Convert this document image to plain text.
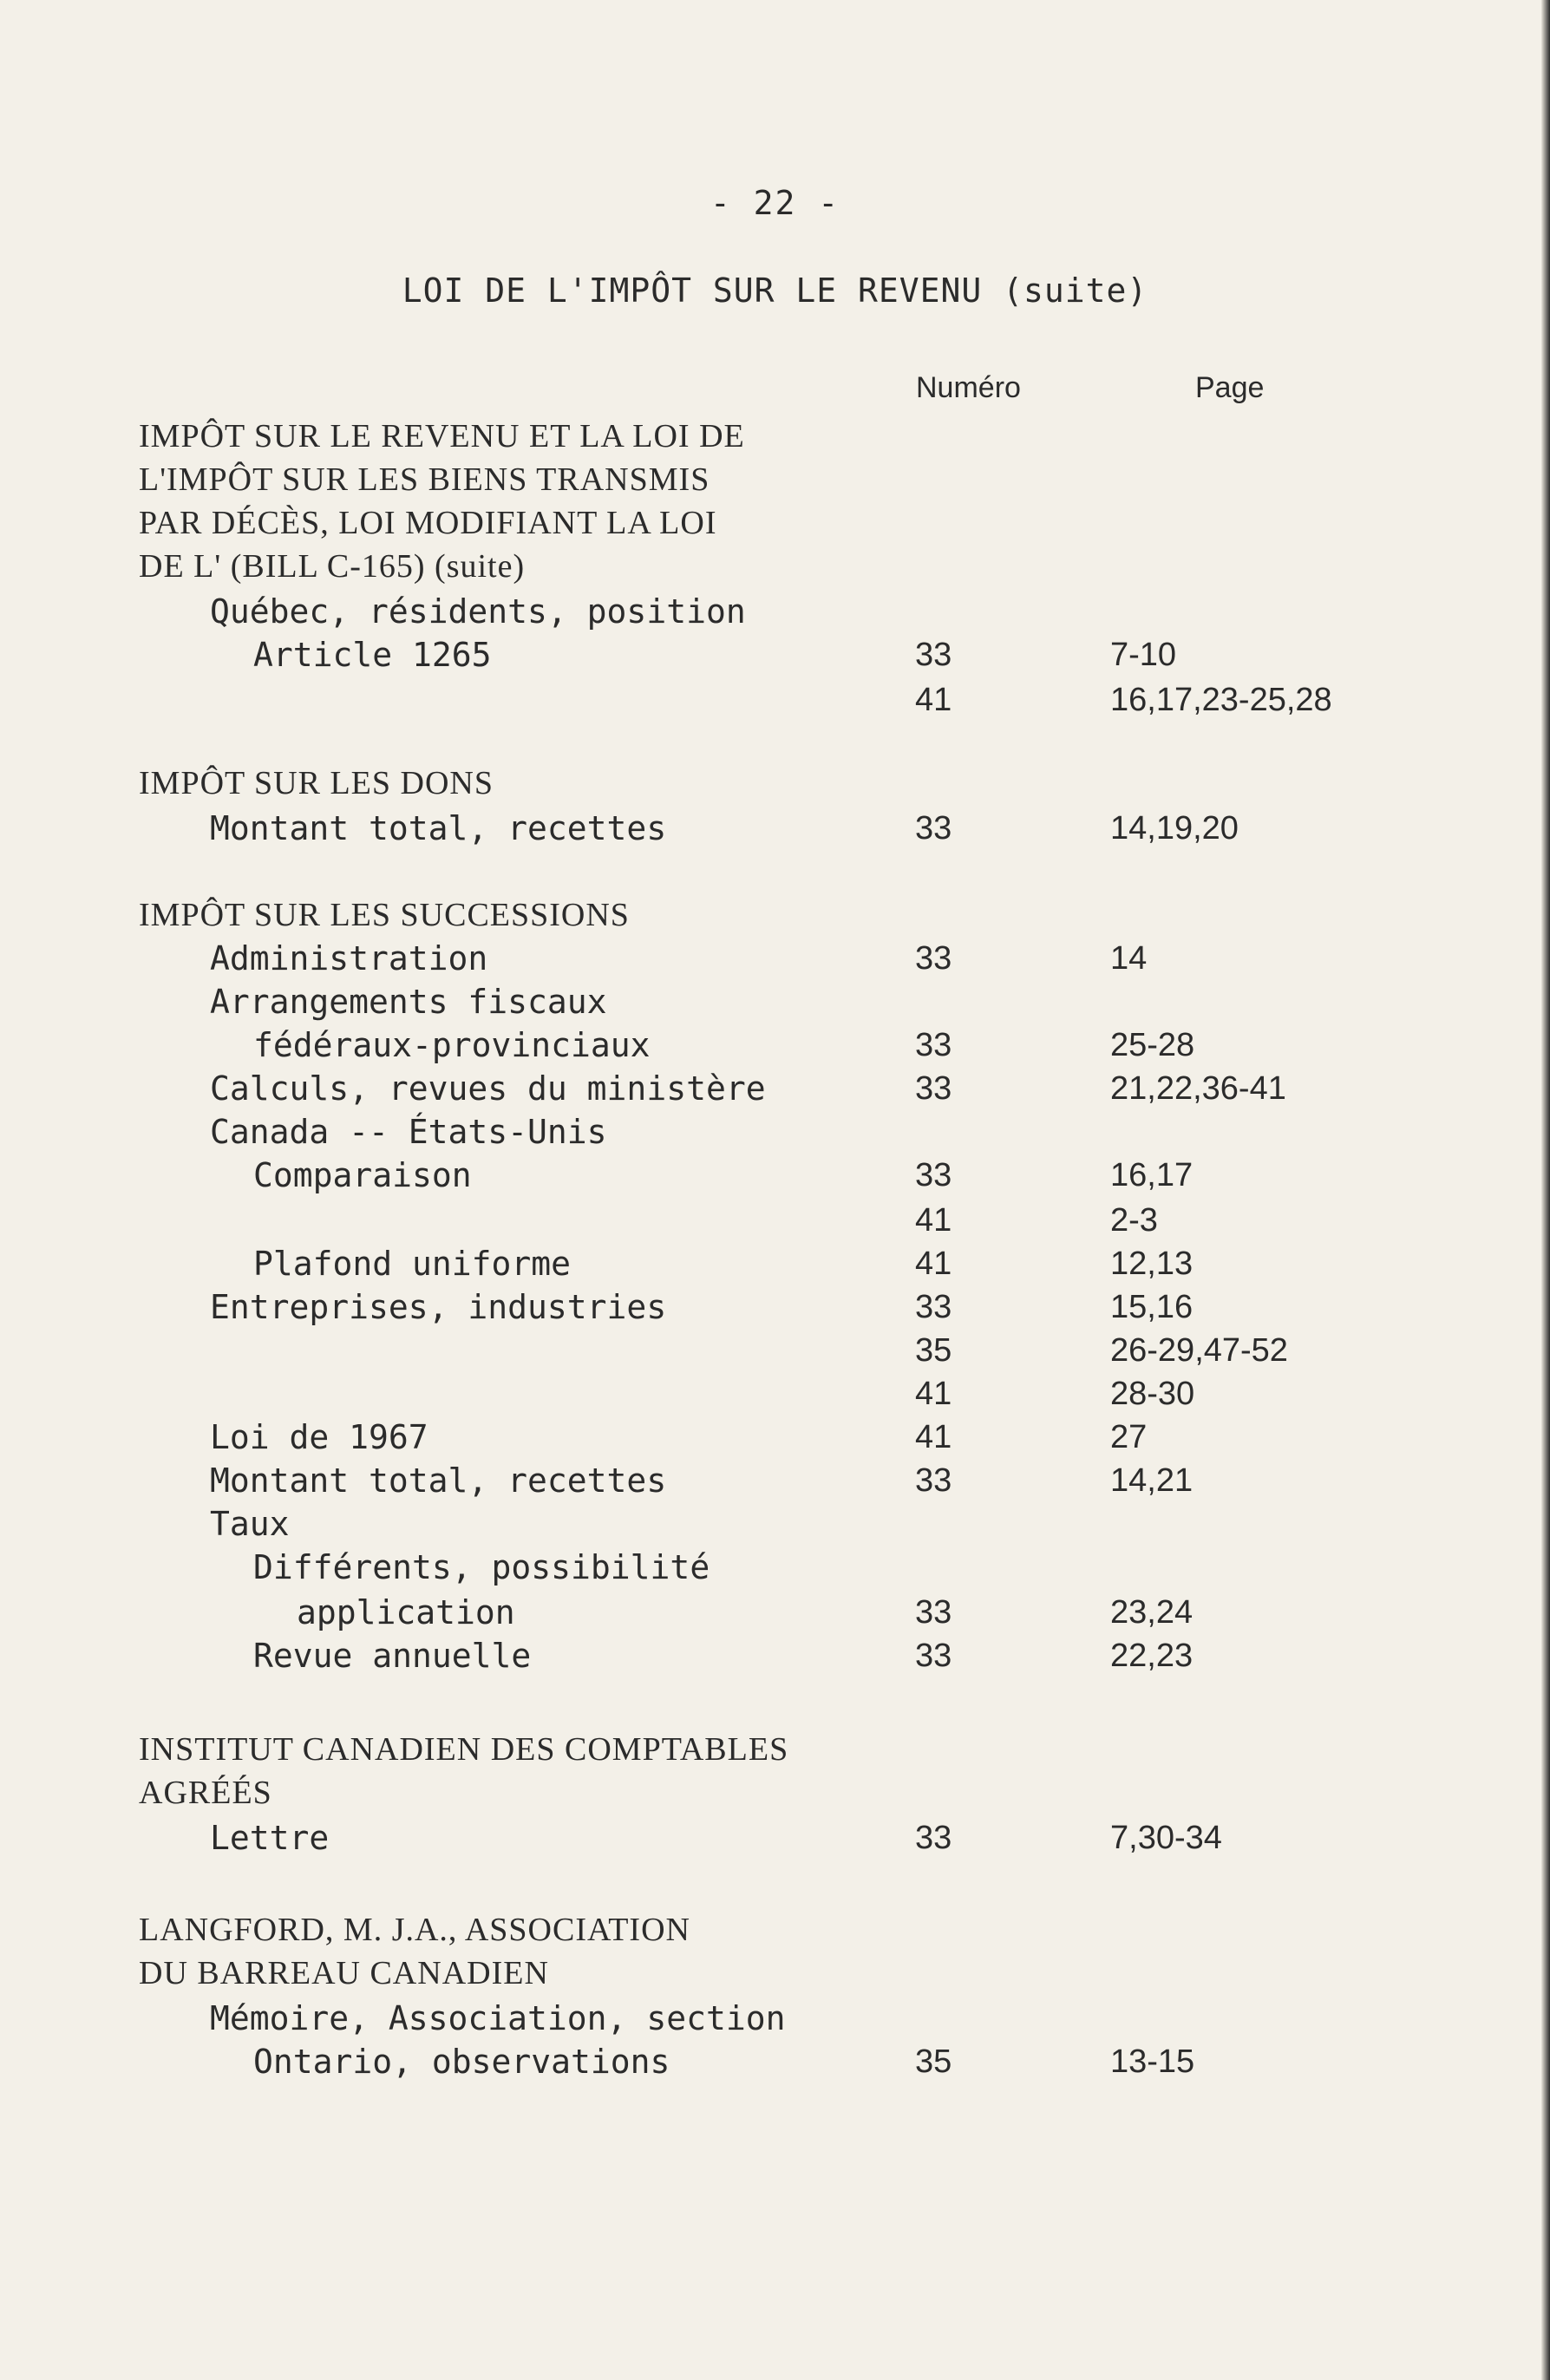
- 22 -
LOI DE L'IMPÔT SUR LE REVENU (suite)
Numéro	Page
IMPÔT SUR LE REVENU ET LA LOI DE
L'IMPÔT SUR LES BIENS TRANSMIS
PAR DÉCÈS, LOI MODIFIANT LA LOI
DE L' (BILL C-165) (suite)
Québec, résidents, position
Article 1265	33	7-10
41	16,17,23-25,28
IMPÔT SUR LES DONS
Montant total, recettes	33	14,19,20
IMPÔT SUR LES SUCCESSIONS
Administration	33	14
Arrangements fiscaux
fédéraux-provinciaux	33	25-28
Calculs, revues du ministère	33	21,22,36-41
Canada -- États-Unis
Comparaison	33	16,17
41	2-3
Plafond uniforme	41	12,13
Entreprises, industries	33	15,16
35	26-29,47-52
41	28-30
Loi de 1967	41	27
Montant total, recettes	33	14,21
Taux
Différents, possibilité
application	33	23,24
Revue annuelle	33	22,23
INSTITUT CANADIEN DES COMPTABLES
AGRÉÉS
Lettre	33	7,30-34
LANGFORD, M. J.A., ASSOCIATION
DU BARREAU CANADIEN
Mémoire, Association, section
Ontario, observations	35	13-15
